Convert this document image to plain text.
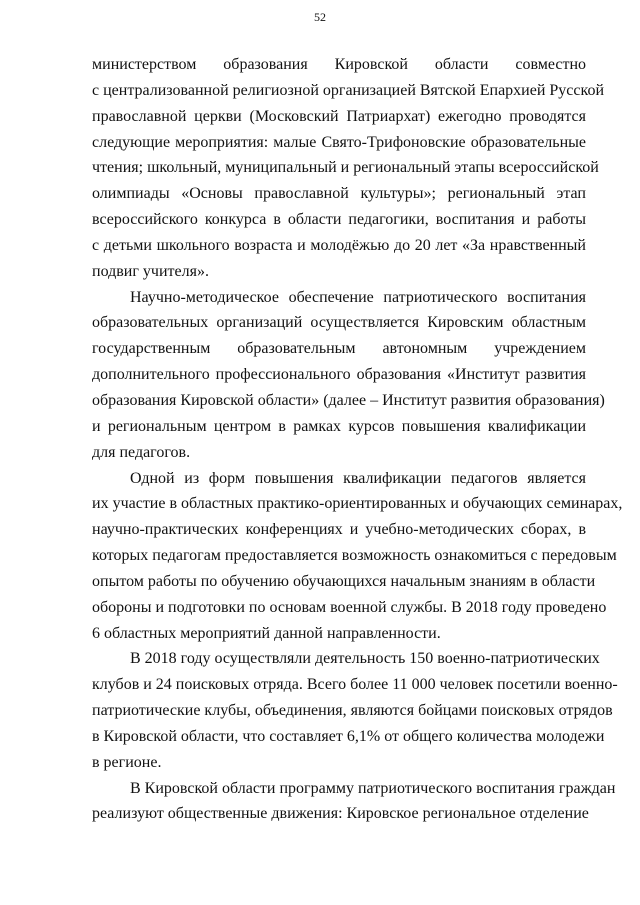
52
министерством образования Кировской области совместно
с централизованной религиозной организацией Вятской Епархией Русской
православной церкви (Московский Патриархат) ежегодно проводятся
следующие мероприятия: малые Свято-Трифоновские образовательные
чтения; школьный, муниципальный и региональный этапы всероссийской
олимпиады «Основы православной культуры»; региональный этап
всероссийского конкурса в области педагогики, воспитания и работы
с детьми школьного возраста и молодёжью до 20 лет «За нравственный
подвиг учителя».
Научно-методическое обеспечение патриотического воспитания
образовательных организаций осуществляется Кировским областным
государственным образовательным автономным учреждением
дополнительного профессионального образования «Институт развития
образования Кировской области» (далее – Институт развития образования)
и региональным центром в рамках курсов повышения квалификации
для педагогов.
Одной из форм повышения квалификации педагогов является
их участие в областных практико-ориентированных и обучающих семинарах,
научно-практических конференциях и учебно-методических сборах, в
которых педагогам предоставляется возможность ознакомиться с передовым
опытом работы по обучению обучающихся начальным знаниям в области
обороны и подготовки по основам военной службы. В 2018 году проведено
6 областных мероприятий данной направленности.
В 2018 году осуществляли деятельность 150 военно-патриотических
клубов и 24 поисковых отряда. Всего более 11 000 человек посетили военно-
патриотические клубы, объединения, являются бойцами поисковых отрядов
в Кировской области, что составляет 6,1% от общего количества молодежи
в регионе.
В Кировской области программу патриотического воспитания граждан
реализуют общественные движения: Кировское региональное отделение
